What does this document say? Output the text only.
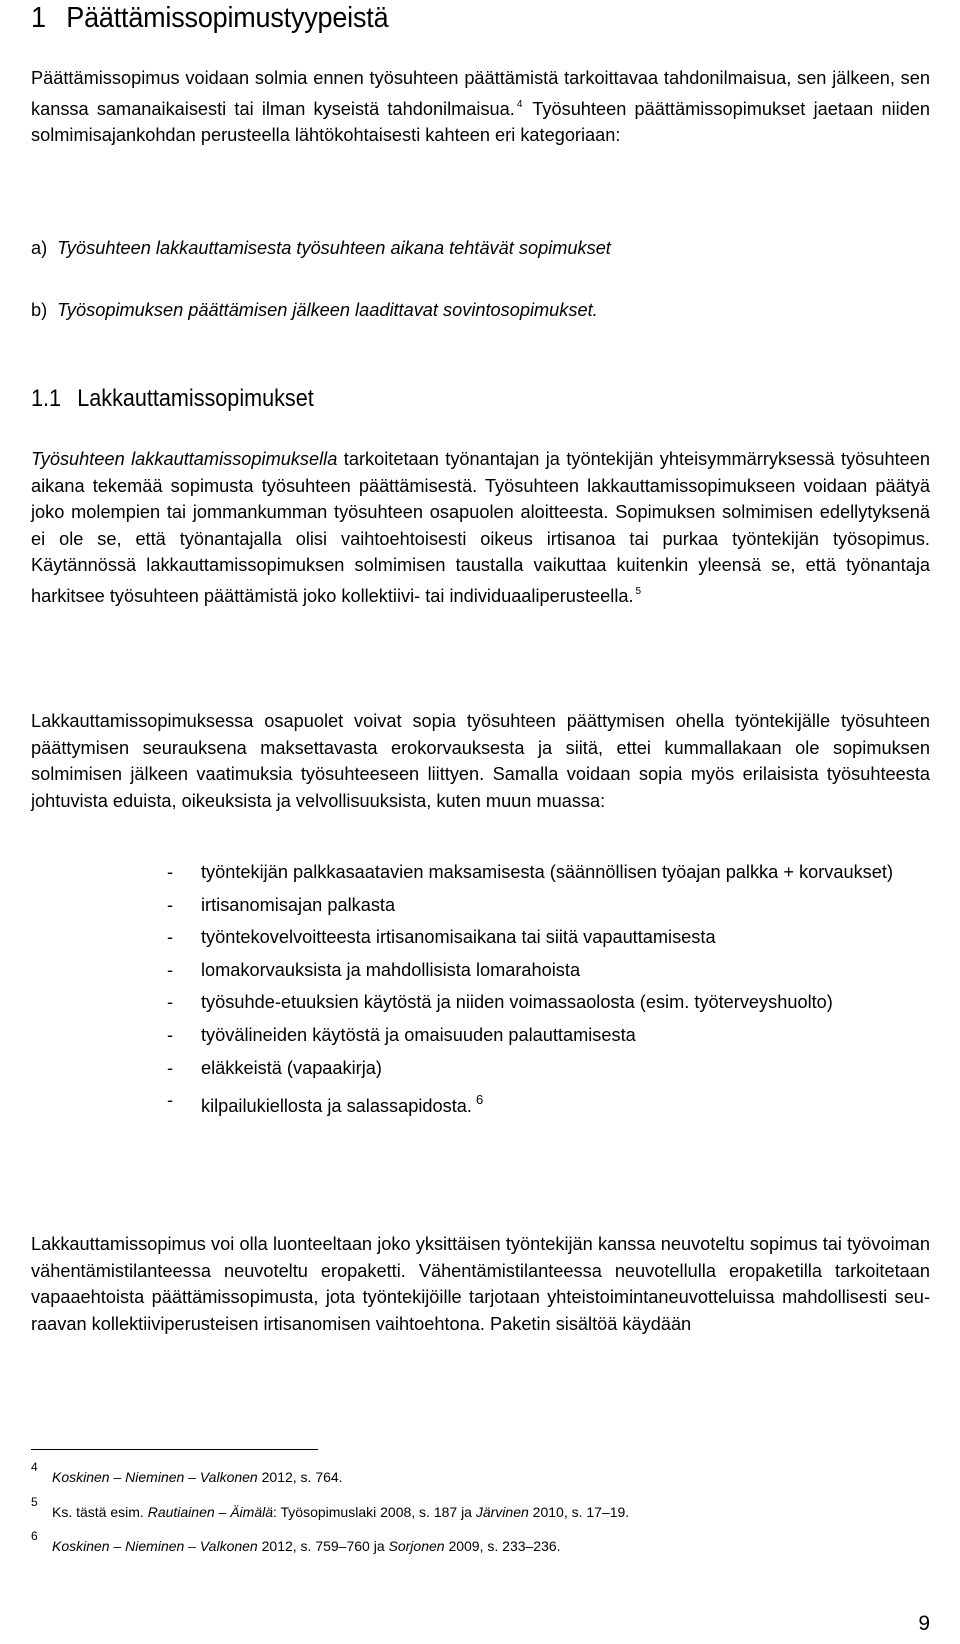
1 Päättämissopimustyypeistä

Päättämissopimus voidaan solmia ennen työsuhteen päättämistä tarkoittavaa tahdonilmaisua, sen jälkeen, sen kanssa samanaikaisesti tai ilman kyseistä tahdonilmaisua. $^4$ Työsuhteen päättämissopimukset jaetaan niiden solmimisajankohdan perusteella lähtökohtaisesti kahteen eri kategoriaan:

a) Työsuhteen lakkauttamisesta työsuhteen aikana tehtävät sopimukset

b) Työsopimuksen päättämisen jälkeen laadittavat sovintosopimukset.

1.1 Lakkauttamissopimukset

Työsuhteen lakkauttamissopimuksella tarkoitetaan työnantajan ja työntekijän yhteisymmärryksessä työsuhteen aikana tekemää sopimusta työsuhteen päättämisestä. Työsuhteen lakkauttamissopimukseen voidaan päätyä joko molempien tai jommankumman työsuhteen osapuolen aloitteesta. Sopimuksen solmimisen edellytyksenä ei ole se, että työnantajalla olisi vaihtoehtoisesti oikeus irtisanoa tai purkaa työntekijän työsopimus. Käytännössä lakkauttamissopimuksen solmimisen taustalla vaikuttaa kuitenkin yleensä se, että työnantaja harkitsee työsuhteen päättämistä joko kollektiivi- tai individuaaliperusteella. $^5$

Lakkauttamissopimuksessa osapuolet voivat sopia työsuhteen päättymisen ohella työntekijälle työsuhteen päättymisen seurauksena maksettavasta erokorvauksesta ja siitä, ettei kummallakaan ole sopimuksen solmimisen jälkeen vaatimuksia työsuhteeseen liittyen. Samalla voidaan sopia myös erilaisista työsuhteesta johtuvista eduista, oikeuksista ja velvollisuuksista, kuten muun muassa:

- työntekijän palkkasaatavien maksamisesta (säännöllisen työajan palkka + korvaukset)
- irtisanomisajan palkasta
- työntekovelvoitteesta irtisanomisaikana tai siitä vapauttamisesta
- lomakorvauksista ja mahdollisista lomarahoista
- työsuhde-etuuksien käytöstä ja niiden voimassaolosta (esim. työterveyshuolto)
- työvälineiden käytöstä ja omaisuuden palauttamisesta
- eläkkeistä (vapaakirja)
- kilpailukiellosta ja salassapidosta. $^6$

Lakkauttamissopimus voi olla luonteeltaan joko yksittäisen työntekijän kanssa neuvoteltu sopimus tai työvoiman vähentämistilanteessa neuvoteltu eropaketti. Vähentämistilanteessa neuvotellulla eropaketilla tarkoitetaan vapaaehtoista päättämissopimusta, jota työntekijöille tarjotaan yhteistoimintaneuvotteluissa mahdollisesti seuraavan kollektiiviperusteisen irtisanomisen vaihtoehtona. Paketin sisältöä käydään

4
Koskinen – Nieminen – Valkonen 2012, s. 764.

5
Ks. tästä esim. Rautiainen – Äimälä: Työsopimuslaki 2008, s. 187 ja Järvinen 2010, s. 17–19.

6
Koskinen – Nieminen – Valkonen 2012, s. 759–760 ja Sorjonen 2009, s. 233–236.

9
